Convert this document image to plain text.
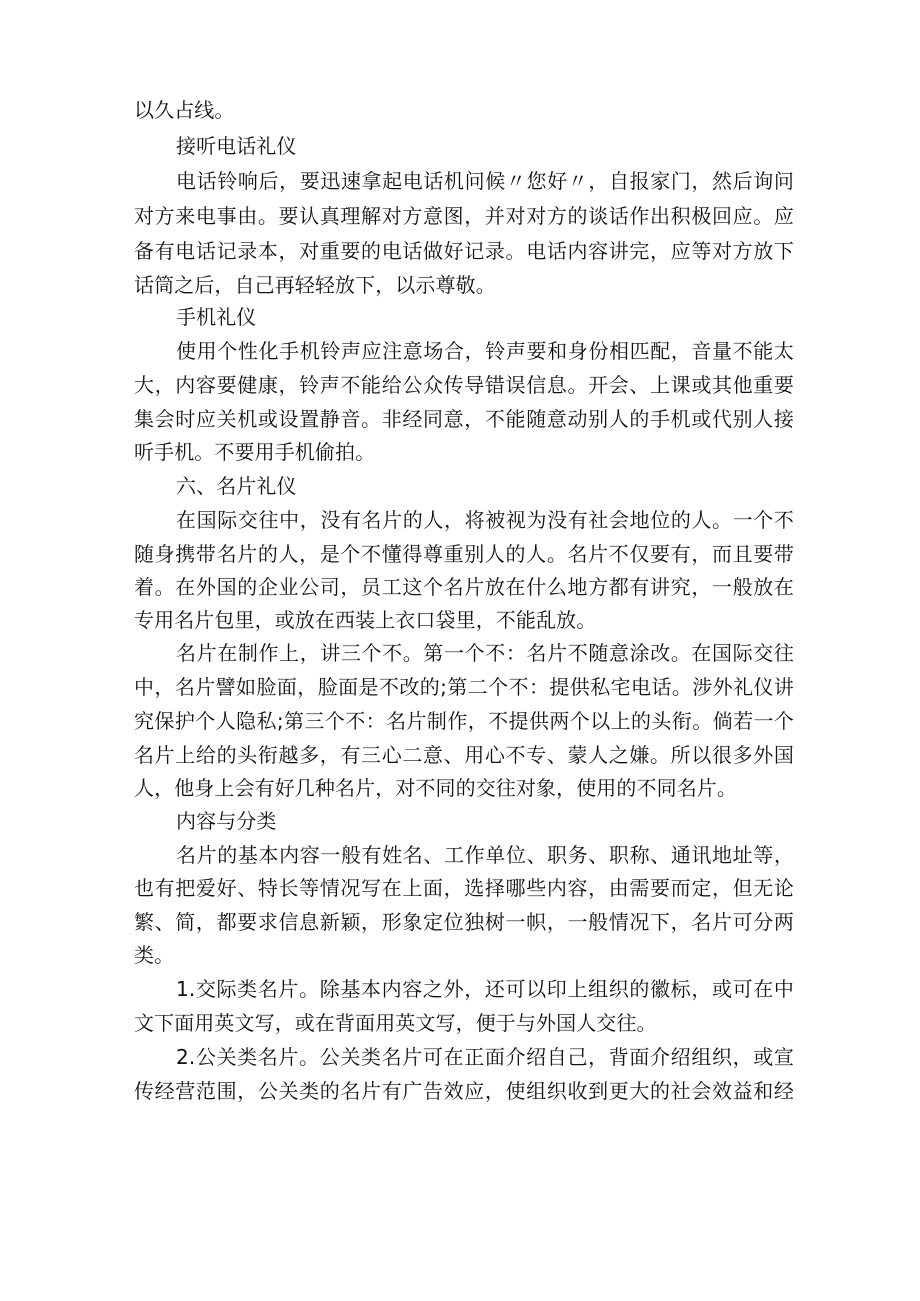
以久占线。
接听电话礼仪
电话铃响后，要迅速拿起电话机问候〃您好〃，自报家门，然后询问
对方来电事由。要认真理解对方意图，并对对方的谈话作出积极回应。应
备有电话记录本，对重要的电话做好记录。电话内容讲完，应等对方放下
话筒之后，自己再轻轻放下，以示尊敬。
手机礼仪
使用个性化手机铃声应注意场合，铃声要和身份相匹配，音量不能太
大，内容要健康，铃声不能给公众传导错误信息。开会、上课或其他重要
集会时应关机或设置静音。非经同意，不能随意动别人的手机或代别人接
听手机。不要用手机偷拍。
六、名片礼仪
在国际交往中，没有名片的人，将被视为没有社会地位的人。一个不
随身携带名片的人，是个不懂得尊重别人的人。名片不仅要有，而且要带
着。在外国的企业公司，员工这个名片放在什么地方都有讲究，一般放在
专用名片包里，或放在西装上衣口袋里，不能乱放。
名片在制作上，讲三个不。第一个不：名片不随意涂改。在国际交往
中，名片譬如脸面，脸面是不改的;第二个不：提供私宅电话。涉外礼仪讲
究保护个人隐私;第三个不：名片制作，不提供两个以上的头衔。倘若一个
名片上给的头衔越多，有三心二意、用心不专、蒙人之嫌。所以很多外国
人，他身上会有好几种名片，对不同的交往对象，使用的不同名片。
内容与分类
名片的基本内容一般有姓名、工作单位、职务、职称、通讯地址等，
也有把爱好、特长等情况写在上面，选择哪些内容，由需要而定，但无论
繁、简，都要求信息新颖，形象定位独树一帜，一般情况下，名片可分两
类。
1.交际类名片。除基本内容之外，还可以印上组织的徽标，或可在中
文下面用英文写，或在背面用英文写，便于与外国人交往。
2.公关类名片。公关类名片可在正面介绍自己，背面介绍组织，或宣
传经营范围，公关类的名片有广告效应，使组织收到更大的社会效益和经
